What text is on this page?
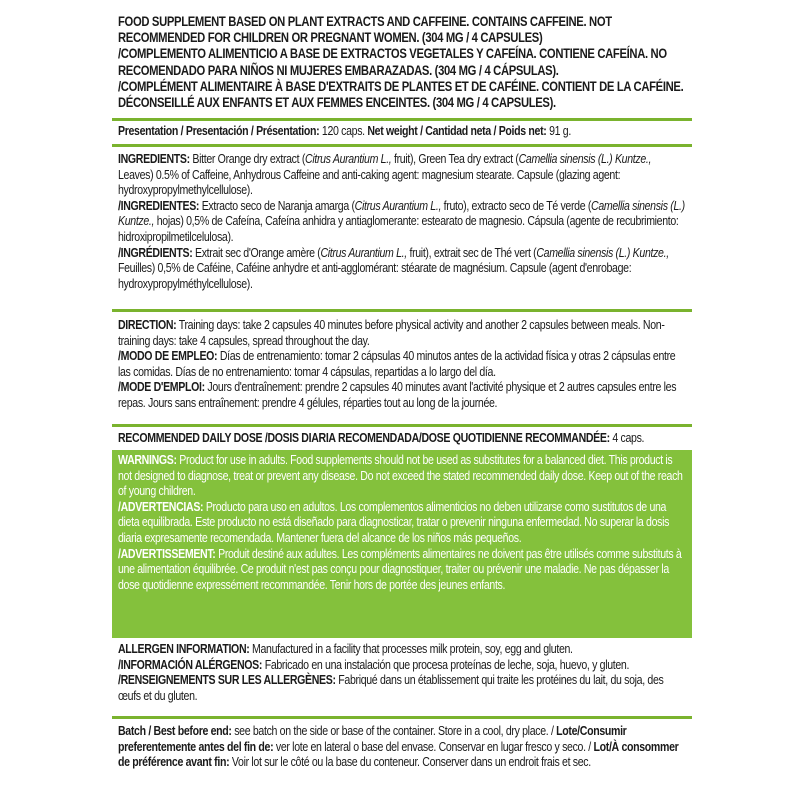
FOOD SUPPLEMENT BASED ON PLANT EXTRACTS AND CAFFEINE. CONTAINS CAFFEINE. NOT RECOMMENDED FOR CHILDREN OR PREGNANT WOMEN. (304 MG / 4 CAPSULES)

/COMPLEMENTO ALIMENTICIO A BASE DE EXTRACTOS VEGETALES Y CAFEÍNA. CONTIENE CAFEÍNA. NO RECOMENDADO PARA NIÑOS NI MUJERES EMBARAZADAS. (304 MG / 4 CÁPSULAS).

/COMPLÉMENT ALIMENTAIRE À BASE D'EXTRAITS DE PLANTES ET DE CAFÉINE. CONTIENT DE LA CAFÉINE. DÉCONSEILLÉ AUX ENFANTS ET AUX FEMMES ENCEINTES. (304 MG / 4 CAPSULES).

Presentation / Presentación / Présentation: 120 caps. Net weight / Cantidad neta / Poids net: 91 g.

INGREDIENTS: Bitter Orange dry extract (Citrus Aurantium L., fruit), Green Tea dry extract (Camellia sinensis (L.) Kuntze., Leaves) 0.5% of Caffeine, Anhydrous Caffeine and anti-caking agent: magnesium stearate. Capsule (glazing agent: hydroxypropylmethylcellulose).

/INGREDIENTES: Extracto seco de Naranja amarga (Citrus Aurantium L., fruto), extracto seco de Té verde (Camellia sinensis (L.) Kuntze., hojas) 0,5% de Cafeína, Cafeína anhidra y antiaglomerante: estearato de magnesio. Cápsula (agente de recubrimiento: hidroxipropilmetilcelulosa).

/INGRÉDIENTS: Extrait sec d'Orange amère (Citrus Aurantium L., fruit), extrait sec de Thé vert (Camellia sinensis (L.) Kuntze., Feuilles) 0,5% de Caféine, Caféine anhydre et anti-agglomérant: stéarate de magnésium. Capsule (agent d'enrobage: hydroxypropylméthylcellulose).

DIRECTION: Training days: take 2 capsules 40 minutes before physical activity and another 2 capsules between meals. Non-training days: take 4 capsules, spread throughout the day.

/MODO DE EMPLEO: Días de entrenamiento: tomar 2 cápsulas 40 minutos antes de la actividad física y otras 2 cápsulas entre las comidas. Días de no entrenamiento: tomar 4 cápsulas, repartidas a lo largo del día.

/MODE D'EMPLOI: Jours d'entraînement: prendre 2 capsules 40 minutes avant l'activité physique et 2 autres capsules entre les repas. Jours sans entraînement: prendre 4 gélules, réparties tout au long de la journée.

RECOMMENDED DAILY DOSE /DOSIS DIARIA RECOMENDADA/DOSE QUOTIDIENNE RECOMMANDÉE: 4 caps.

WARNINGS: Product for use in adults. Food supplements should not be used as substitutes for a balanced diet. This product is not designed to diagnose, treat or prevent any disease. Do not exceed the stated recommended daily dose. Keep out of the reach of young children.

/ADVERTENCIAS: Producto para uso en adultos. Los complementos alimenticios no deben utilizarse como sustitutos de una dieta equilibrada. Este producto no está diseñado para diagnosticar, tratar o prevenir ninguna enfermedad. No superar la dosis diaria expresamente recomendada. Mantener fuera del alcance de los niños más pequeños.

/ADVERTISSEMENT: Produit destiné aux adultes. Les compléments alimentaires ne doivent pas être utilisés comme substituts à une alimentation équilibrée. Ce produit n'est pas conçu pour diagnostiquer, traiter ou prévenir une maladie. Ne pas dépasser la dose quotidienne expressément recommandée. Tenir hors de portée des jeunes enfants.

ALLERGEN INFORMATION: Manufactured in a facility that processes milk protein, soy, egg and gluten.

/INFORMACIÓN ALÉRGENOS: Fabricado en una instalación que procesa proteínas de leche, soja, huevo, y gluten. /RENSEIGNEMENTS SUR LES ALLERGÈNES: Fabriqué dans un établissement qui traite les protéines du lait, du soja, des œufs et du gluten.

Batch / Best before end: see batch on the side or base of the container. Store in a cool, dry place. / Lote/Consumir preferentemente antes del fin de: ver lote en lateral o base del envase. Conservar en lugar fresco y seco. / Lot/À consommer de préférence avant fin: Voir lot sur le côté ou la base du conteneur. Conserver dans un endroit frais et sec.
